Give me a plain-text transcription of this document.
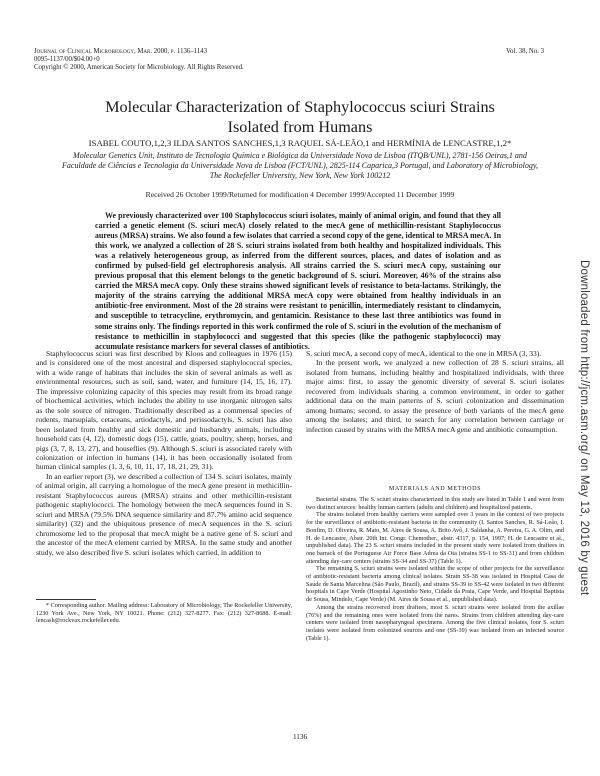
Journal of Clinical Microbiology, Mar. 2000, p. 1136–1143
0095-1137/00/$04.00+0
Copyright © 2000, American Society for Microbiology. All Rights Reserved.
Vol. 38, No. 3
Molecular Characterization of Staphylococcus sciuri Strains
Isolated from Humans
ISABEL COUTO,1,2,3 ILDA SANTOS SANCHES,1,3 RAQUEL SÁ-LEÃO,1 and HERMÍNIA de LENCASTRE,1,2*
Molecular Genetics Unit, Instituto de Tecnologia Química e Biológica da Universidade Nova de Lisboa (ITQB/UNL), 2781-156 Oeiras,1 and Faculdade de Ciências e Tecnologia da Universidade Nova de Lisboa (FCT/UNL), 2825-114 Caparica,3 Portugal, and Laboratory of Microbiology, The Rockefeller University, New York, New York 100212
Received 26 October 1999/Returned for modification 4 December 1999/Accepted 11 December 1999
We previously characterized over 100 Staphylococcus sciuri isolates, mainly of animal origin, and found that they all carried a genetic element (S. sciuri mecA) closely related to the mecA gene of methicillin-resistant Staphylococcus aureus (MRSA) strains. We also found a few isolates that carried a second copy of the gene, identical to MRSA mecA. In this work, we analyzed a collection of 28 S. sciuri strains isolated from both healthy and hospitalized individuals. This was a relatively heterogeneous group, as inferred from the different sources, places, and dates of isolation and as confirmed by pulsed-field gel electrophoresis analysis. All strains carried the S. sciuri mecA copy, sustaining our previous proposal that this element belongs to the genetic background of S. sciuri. Moreover, 46% of the strains also carried the MRSA mecA copy. Only these strains showed significant levels of resistance to beta-lactams. Strikingly, the majority of the strains carrying the additional MRSA mecA copy were obtained from healthy individuals in an antibiotic-free environment. Most of the 28 strains were resistant to penicillin, intermediately resistant to clindamycin, and susceptible to tetracycline, erythromycin, and gentamicin. Resistance to these last three antibiotics was found in some strains only. The findings reported in this work confirmed the role of S. sciuri in the evolution of the mechanism of resistance to methicillin in staphylococci and suggested that this species (like the pathogenic staphylococci) may accumulate resistance markers for several classes of antibiotics.

Staphylococcus sciuri was first described by Kloos and colleagues in 1976 (15) and is considered one of the most ancestral and dispersed staphylococcal species, with a wide range of habitats that includes the skin of several animals as well as environmental resources, such as soil, sand, water, and furniture (14, 15, 16, 17). The impressive colonizing capacity of this species may result from its broad range of biochemical activities, which includes the ability to use inorganic nitrogen salts as the sole source of nitrogen. Traditionally described as a commensal species of rodents, marsupials, cetaceans, artiodactyls, and perissodactyls, S. sciuri has also been isolated from healthy and sick domestic and husbandry animals, including household cats (4, 12), domestic dogs (15), cattle, goats, poultry, sheep, horses, and pigs (3, 7, 8, 13, 27), and houseflies (9). Although S. sciuri is associated rarely with colonization or infection in humans (14), it has been occasionally isolated from human clinical samples (1, 3, 6, 10, 11, 17, 18, 21, 29, 31).

In an earlier report (3), we described a collection of 134 S. sciuri isolates, mainly of animal origin, all carrying a homologue of the mecA gene present in methicillin-resistant Staphylococcus aureus (MRSA) strains and other methicillin-resistant pathogenic staphylococci. The homology between the mecA sequences found in S. sciuri and MRSA (79.5% DNA sequence similarity and 87.7% amino acid sequence similarity) (32) and the ubiquitous presence of mecA sequences in the S. sciuri chromosome led to the proposal that mecA might be a native gene of S. sciuri and the ancestor of the mecA element carried by MRSA. In the same study and another study, we also described five S. sciuri isolates which carried, in addition to

* Corresponding author. Mailing address: Laboratory of Microbiology, The Rockefeller University, 1230 York Ave., New York, NY 10021. Phone: (212) 327-8277. Fax: (212) 327-8688. E-mail: lencash@rockvax.rockefeller.edu.

S. sciuri mecA, a second copy of mecA, identical to the one in MRSA (3, 33).

In the present work, we analyzed a new collection of 28 S. sciuri strains, all isolated from humans, including healthy and hospitalized individuals, with three major aims: first, to assay the genomic diversity of several S. sciuri isolates recovered from individuals sharing a common environment, in order to gather additional data on the main patterns of S. sciuri colonization and dissemination among humans; second, to assay the presence of both variants of the mecA gene among the isolates; and third, to search for any correlation between carriage or infection caused by strains with the MRSA mecA gene and antibiotic consumption.

MATERIALS AND METHODS

Bacterial strains. The S. sciuri strains characterized in this study are listed in Table 1 and were from two distinct sources: healthy human carriers (adults and children) and hospitalized patients.

The strains isolated from healthy carriers were sampled over 3 years in the context of two projects for the surveillance of antibiotic-resistant bacteria in the community (I. Santos Sanches, R. Sá-Leão, I. Bonfim, D. Oliveira, R. Mato, M. Aires de Sousa, A. Brito Avô, J. Saldanha, A. Pereira, G. A. Olim, and H. de Lencastre, Abstr. 20th Int. Congr. Chemother., abstr. 4317, p. 154, 1997; H. de Lencastre et al., unpublished data). The 23 S. sciuri strains included in the present study were isolated from draftees in one barrack of the Portuguese Air Force Base Adrea da Ota (strains SS-1 to SS-31) and from children attending day-care centers (strains SS-34 and SS-37) (Table 1).

The remaining S. sciuri strains were isolated within the scope of other projects for the surveillance of antibiotic-resistant bacteria among clinical isolates. Strain SS-38 was isolated in Hospital Casa de Saúde de Santa Marcelina (São Paulo, Brazil), and strains SS-39 to SS-42 were isolated in two different hospitals in Cape Verde (Hospital Agostinho Neto, Cidade da Praia, Cape Verde, and Hospital Baptista de Sousa, Mindelo, Cape Verde) (M. Aires de Sousa et al., unpublished data).

Among the strains recovered from draftees, most S. sciuri strains were isolated from the axillae (76%) and the remaining ones were isolated from the nares. Strains from children attending day-care centers were isolated from nasopharyngeal specimens. Among the five clinical isolates, four S. sciuri isolates were isolated from colonized sources and one (SS-39) was isolated from an infected source (Table 1).

1136
Downloaded from http://jcm.asm.org/ on May 13, 2016 by guest
